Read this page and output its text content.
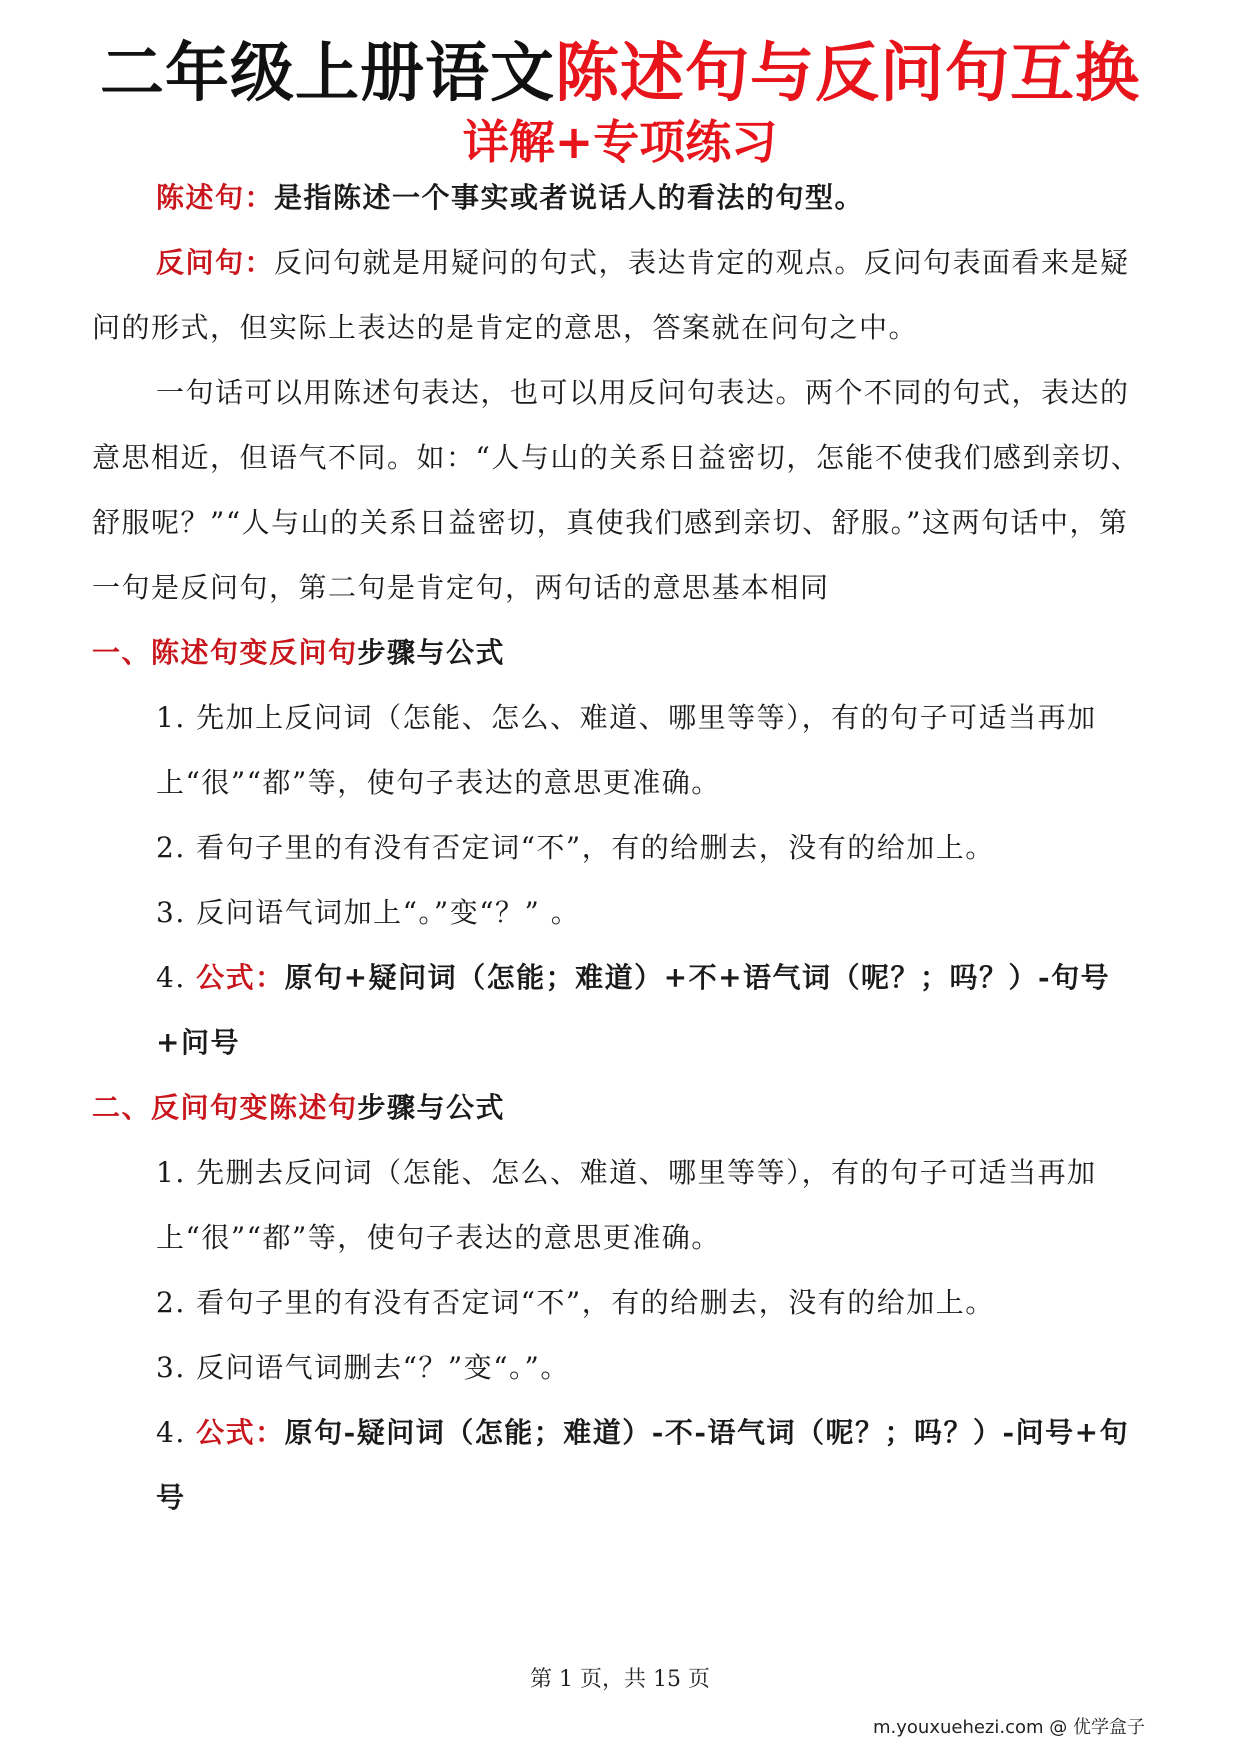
二年级上册语文陈述句与反问句互换
详解+专项练习

陈述句：是指陈述一个事实或者说话人的看法的句型。

反问句：反问句就是用疑问的句式，表达肯定的观点。反问句表面看来是疑问的形式，但实际上表达的是肯定的意思，答案就在问句之中。

一句话可以用陈述句表达，也可以用反问句表达。两个不同的句式，表达的意思相近，但语气不同。如：“人与山的关系日益密切，怎能不使我们感到亲切、舒服呢？”“人与山的关系日益密切，真使我们感到亲切、舒服。”这两句话中，第一句是反问句，第二句是肯定句，两句话的意思基本相同

一、陈述句变反问句步骤与公式

1. 先加上反问词（怎能、怎么、难道、哪里等等），有的句子可适当再加上“很”“都”等，使句子表达的意思更准确。

2. 看句子里的有没有否定词“不”，有的给删去，没有的给加上。

3. 反问语气词加上“。”变“？” 。

4. 公式：原句+疑问词（怎能；难道）+不+语气词（呢？；吗？）-句号+问号

二、反问句变陈述句步骤与公式

1. 先删去反问词（怎能、怎么、难道、哪里等等），有的句子可适当再加上“很”“都”等，使句子表达的意思更准确。

2. 看句子里的有没有否定词“不”，有的给删去，没有的给加上。

3. 反问语气词删去“？”变“。”。

4. 公式：原句-疑问词（怎能；难道）-不-语气词（呢？；吗？）-问号+句号

第 1 页，共 15 页
m.youxuehezi.com @ 优学盒子
